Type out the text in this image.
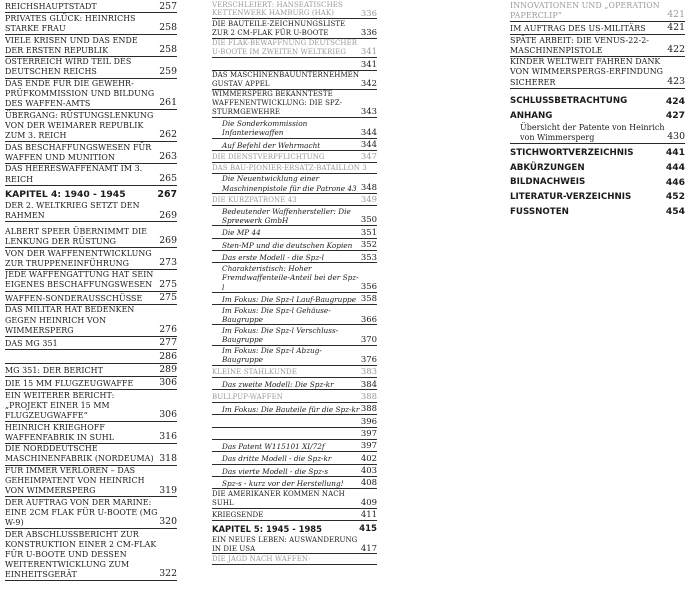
REICHSHAUPTSTADT	257
PRIVATES GLÜCK: HEINRICHS STARKE FRAU	258
VIELE KRISEN UND DAS ENDE DER ERSTEN REPUBLIK	258
ÖSTERREICH WIRD TEIL DES DEUTSCHEN REICHS	259
DAS ENDE FÜR DIE GEWEHR-PRÜFKOMMISSION UND BILDUNG DES WAFFEN-AMTS	261
ÜBERGANG: RÜSTUNGSLENKUNG VON DER WEIMARER REPUBLIK ZUM 3. REICH	262
DAS BESCHAFFUNGSWESEN FÜR WAFFEN UND MUNITION	263
DAS HEERESWAFFENAMT IM 3. REICH	265
KAPITEL 4: 1940 - 1945	267
DER 2. WELTKRIEG SETZT DEN RAHMEN	269
ALBERT SPEER ÜBERNIMMT DIE LENKUNG DER RÜSTUNG	269
VON DER WAFFENENTWICKLUNG ZUR TRUPPENEINFÜHRUNG	273
JEDE WAFFENGATTUNG HAT SEIN EIGENES BESCHAFFUNGSWESEN 275
WAFFEN-SONDERAUSSCHÜSSE	275
DAS MILITÄR HAT BEDENKEN GEGEN HEINRICH VON WIMMERSPERG	276
DAS MG 351	277
286
MG 351: DER BERICHT	289
DIE 15 MM FLUGZEUGWAFFE	306
EIN WEITERER BERICHT: „PROJEKT EINER 15 MM FLUGZEUGWAFFE“	306
HEINRICH KRIEGHOFF WAFFENFABRIK IN SUHL	316
DIE NORDDEUTSCHE MASCHINENFABRIK (NORDEUMA) 318
FÜR IMMER VERLOREN – DAS GEHEIMPATENT VON HEINRICH VON WIMMERSPERG	319
DER AUFTRAG VON DER MARINE: EINE 2CM FLAK FÜR U-BOOTE (MG W-9)	320
DER ABSCHLUSSBERICHT ZUR KONSTRUKTION EINER 2 CM-FLAK FÜR U-BOOTE UND DESSEN WEITERENTWICKLUNG ZUM EINHEITSGERÄT	322
VERSCHLEIERT: HANSEATISCHES KETTENWERK HAMBURG (HAK)	336
DIE BAUTEILE-ZEICHNUNGSLISTE ZUR 2 CM-FLAK FÜR U-BOOTE	336
DIE FLAK-BEWAFFNUNG DEUTSCHER U-BOOTE IM ZWEITEN WELTKRIEG	341
341
DAS MASCHINENBAUUNTERNEHMEN GUSTAV APPEL	342
WIMMERSPERG BEKANNTESTE WAFFENENTWICKLUNG: DIE SPZ-STURMGEWEHRE	343
Die Sonderkommission Infanteriewaffen	344
Auf Befehl der Wehrmacht	344
DIE DIENSTVERPFLICHTUNG	347
DAS BAU-PIONIER-ERSATZ-BATAILLON 3
Die Neuentwicklung einer Maschinenpistole für die Patrone 43 348
DIE KURZPATRONE 43	349
Bedeutender Waffenhersteller: Die Spreewerk GmbH	350
Die MP 44	351
Sten-MP und die deutschen Kopien	352
Das erste Modell - die Spz-l	353
Charakteristisch: Hoher Fremdwaffenteile-Anteil bei der Spz-l	356
Im Fokus: Die Spz-l Lauf-Baugruppe 358
Im Fokus: Die Spz-l Gehäuse-Baugruppe	366
Im Fokus: Die Spz-l Verschluss-Baugruppe	370
Im Fokus: Die Spz-l Abzug-Baugruppe	376
KLEINE STAHLKUNDE	383
Das zweite Modell: Die Spz-kr	384
BULLPUP-WAFFEN	388
Im Fokus: Die Bauteile für die Spz-kr 388
396
397
Das Patent W115101 XI/72f	397
Das dritte Modell - die Spz-kr	402
Das vierte Modell - die Spz-s	403
Spz-s - kurz vor der Herstellung!	408
DIE AMERIKANER KOMMEN NACH SUHL	409
KRIEGSENDE	411
KAPITEL 5: 1945 - 1985	415
EIN NEUES LEBEN: AUSWANDERUNG IN DIE USA	417
DIE JAGD NACH WAFFEN-
INNOVATIONEN UND „OPERATION PAPERCLIP“	421
IM AUFTRAG DES US-MILITÄRS	421
SPÄTE ARBEIT: DIE VENUS-22-2-MASCHINENPISTOLE	422
KINDER WELTWEIT FAHREN DANK VON WIMMERSPERGS-ERFINDUNG SICHERER	423
SCHLUSSBETRACHTUNG	424
ANHANG	427
Übersicht der Patente von Heinrich von Wimmersperg	430
STICHWORTVERZEICHNIS	441
ABKÜRZUNGEN	444
BILDNACHWEIS	446
LITERATUR-VERZEICHNIS	452
FUSSNOTEN	454
